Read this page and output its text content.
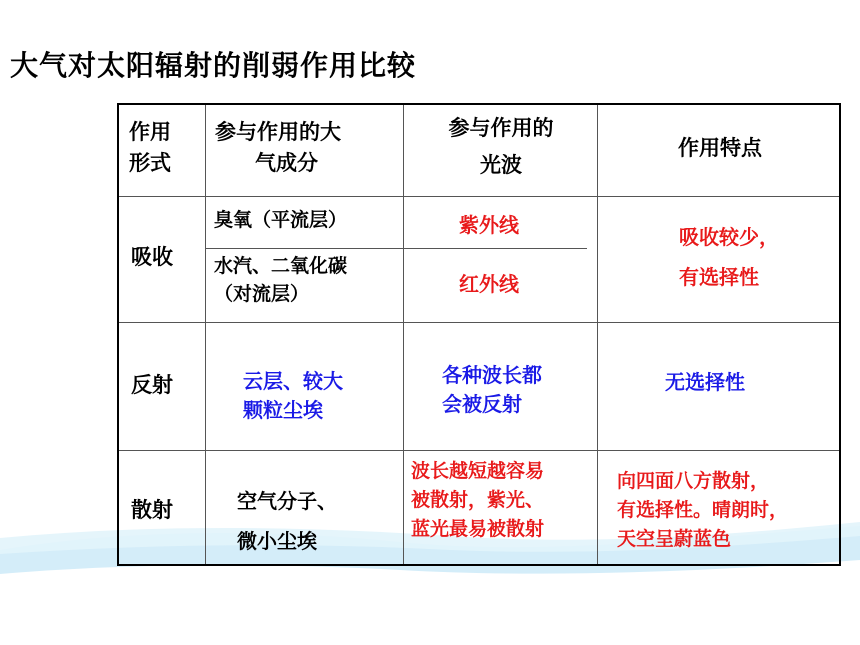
大气对太阳辐射的削弱作用比较
作用
形式
参与作用的大
气成分
参与作用的
光波
作用特点
吸收
臭氧（平流层）
水汽、二氧化碳
（对流层）
紫外线
红外线
吸收较少，
有选择性
反射	云层、较大
颗粒尘埃
各种波长都
会被反射
无选择性
散射	空气分子、
微小尘埃
波长越短越容易
被散射，紫光、
蓝光最易被散射
向四面八方散射，
有选择性。晴朗时，
天空呈蔚蓝色
